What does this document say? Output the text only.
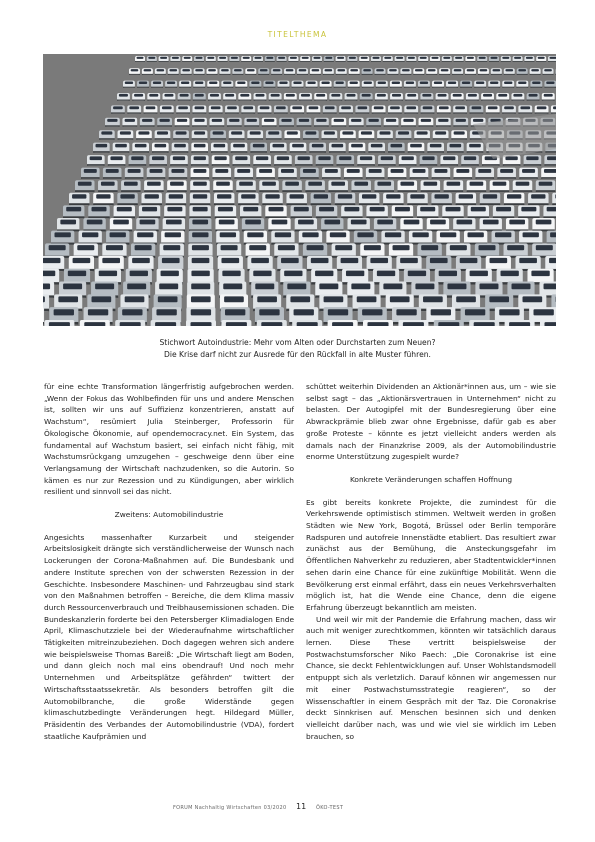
TITELTHEMA
Stichwort Autoindustrie: Mehr vom Alten oder Durchstarten zum Neuen?
Die Krise darf nicht zur Ausrede für den Rückfall in alte Muster führen.

für eine echte Transformation längerfristig aufgebrochen werden. „Wenn der Fokus das Wohlbefinden für uns und andere Menschen ist, sollten wir uns auf Suffizienz konzentrieren, anstatt auf Wachstum“, resümiert Julia Steinberger, Professorin für Ökologische Ökonomie, auf opendemocracy.net. Ein System, das fundamental auf Wachstum basiert, sei einfach nicht fähig, mit Wachstumsrückgang umzugehen – geschweige denn über eine Verlangsamung der Wirtschaft nachzudenken, so die Autorin. So kämen es nur zur Rezession und zu Kündigungen, aber wirklich resilient und sinnvoll sei das nicht.

Zweitens: Automobilindustrie

Angesichts massenhafter Kurzarbeit und steigender Arbeitslosigkeit drängte sich verständlicherweise der Wunsch nach Lockerungen der Corona-Maßnahmen auf. Die Bundesbank und andere Institute sprechen von der schwersten Rezession in der Geschichte. Insbesondere Maschinen- und Fahrzeugbau sind stark von den Maßnahmen betroffen – Bereiche, die dem Klima massiv durch Ressourcenverbrauch und Treibhausemissionen schaden. Die Bundeskanzlerin forderte bei den Petersberger Klimadialogen Ende April, Klimaschutzziele bei der Wiederaufnahme wirtschaftlicher Tätigkeiten mitreinzubeziehen. Doch dagegen wehren sich andere wie beispielsweise Thomas Bareiß: „Die Wirtschaft liegt am Boden, und dann gleich noch mal eins obendrauf! Und noch mehr Unternehmen und Arbeitsplätze gefährden“ twittert der Wirtschaftsstaatssekretär. Als besonders betroffen gilt die Automobilbranche, die große Widerstände gegen klimaschutzbedingte Veränderungen hegt. Hildegard Müller, Präsidentin des Verbandes der Automobilindustrie (VDA), fordert staatliche Kaufprämien und

schüttet weiterhin Dividenden an Aktionär*innen aus, um – wie sie selbst sagt – das „Aktionärsvertrauen in Unternehmen“ nicht zu belasten. Der Autogipfel mit der Bundesregierung über eine Abwrackprämie blieb zwar ohne Ergebnisse, dafür gab es aber große Proteste – könnte es jetzt vielleicht anders werden als damals nach der Finanzkrise 2009, als der Automobilindustrie enorme Unterstützung zugespielt wurde?

Konkrete Veränderungen schaffen Hoffnung

Es gibt bereits konkrete Projekte, die zumindest für die Verkehrswende optimistisch stimmen. Weltweit werden in großen Städten wie New York, Bogotá, Brüssel oder Berlin temporäre Radspuren und autofreie Innenstädte etabliert. Das resultiert zwar zunächst aus der Bemühung, die Ansteckungsgefahr im Öffentlichen Nahverkehr zu reduzieren, aber Stadtentwickler*innen sehen darin eine Chance für eine zukünftige Mobilität. Wenn die Bevölkerung erst einmal erfährt, dass ein neues Verkehrsverhalten möglich ist, hat die Wende eine Chance, denn die eigene Erfahrung überzeugt bekanntlich am meisten.

Und weil wir mit der Pandemie die Erfahrung machen, dass wir auch mit weniger zurechtkommen, könnten wir tatsächlich daraus lernen. Diese These vertritt beispielsweise der Postwachstumsforscher Niko Paech: „Die Coronakrise ist eine Chance, sie deckt Fehlentwicklungen auf. Unser Wohlstandsmodell entpuppt sich als verletzlich. Darauf können wir angemessen nur mit einer Postwachstumsstrategie reagieren“, so der Wissenschaftler in einem Gespräch mit der Taz. Die Coronakrise deckt Sinnkrisen auf. Menschen besinnen sich und denken vielleicht darüber nach, was und wie viel sie wirklich im Leben brauchen, so

FORUM Nachhaltig Wirtschaften 03/2020 11 ÖKO-TEST
